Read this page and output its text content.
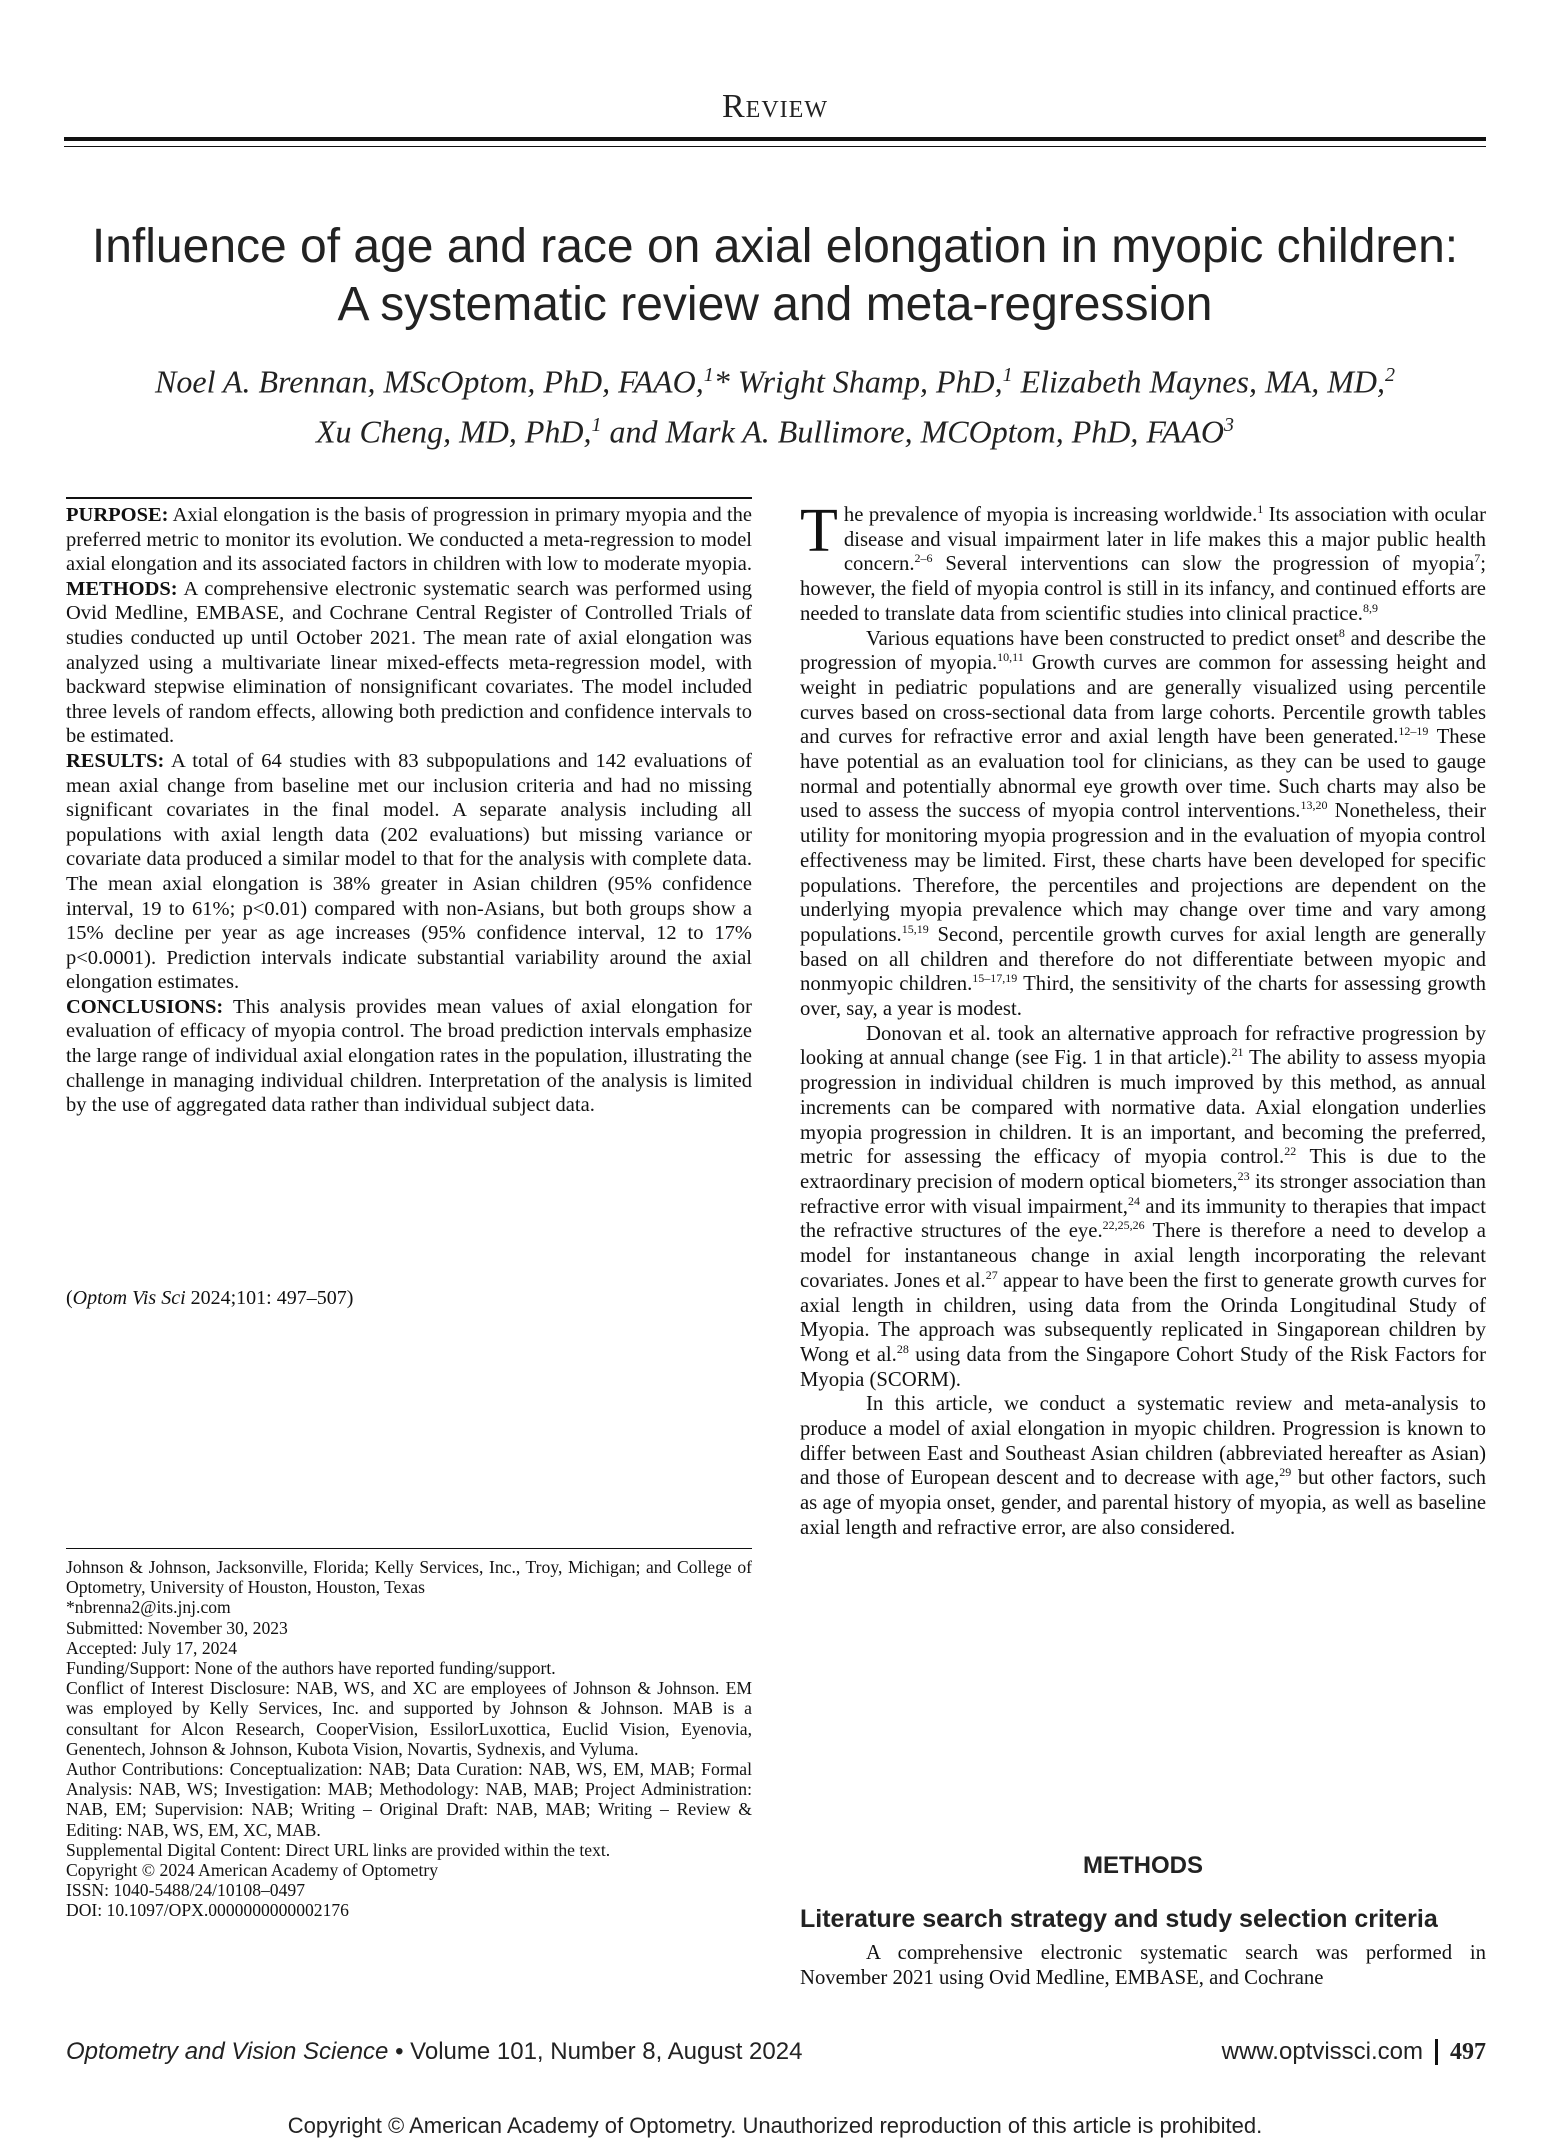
Review
Influence of age and race on axial elongation in myopic children:
A systematic review and meta-regression
Noel A. Brennan, MScOptom, PhD, FAAO,$^1$* Wright Shamp, PhD,$^1$ Elizabeth Maynes, MA, MD,$^2$
Xu Cheng, MD, PhD,$^1$ and Mark A. Bullimore, MCOptom, PhD, FAAO$^3$

PURPOSE: Axial elongation is the basis of progression in primary myopia and the preferred metric to monitor its evolution. We conducted a meta-regression to model axial elongation and its associated factors in children with low to moderate myopia.

METHODS: A comprehensive electronic systematic search was performed using Ovid Medline, EMBASE, and Cochrane Central Register of Controlled Trials of studies conducted up until October 2021. The mean rate of axial elongation was analyzed using a multivariate linear mixed-effects meta-regression model, with backward stepwise elimination of nonsignificant covariates. The model included three levels of random effects, allowing both prediction and confidence intervals to be estimated.

RESULTS: A total of 64 studies with 83 subpopulations and 142 evaluations of mean axial change from baseline met our inclusion criteria and had no missing significant covariates in the final model. A separate analysis including all populations with axial length data (202 evaluations) but missing variance or covariate data produced a similar model to that for the analysis with complete data. The mean axial elongation is 38% greater in Asian children (95% confidence interval, 19 to 61%; p<0.01) compared with non-Asians, but both groups show a 15% decline per year as age increases (95% confidence interval, 12 to 17% p<0.0001). Prediction intervals indicate substantial variability around the axial elongation estimates.

CONCLUSIONS: This analysis provides mean values of axial elongation for evaluation of efficacy of myopia control. The broad prediction intervals emphasize the large range of individual axial elongation rates in the population, illustrating the challenge in managing individual children. Interpretation of the analysis is limited by the use of aggregated data rather than individual subject data.

(Optom Vis Sci 2024;101: 497–507)

Johnson & Johnson, Jacksonville, Florida; Kelly Services, Inc., Troy, Michigan; and College of Optometry, University of Houston, Houston, Texas

*nbrenna2@its.jnj.com

Submitted: November 30, 2023

Accepted: July 17, 2024

Funding/Support: None of the authors have reported funding/support.

Conflict of Interest Disclosure: NAB, WS, and XC are employees of Johnson & Johnson. EM was employed by Kelly Services, Inc. and supported by Johnson & Johnson. MAB is a consultant for Alcon Research, CooperVision, EssilorLuxottica, Euclid Vision, Eyenovia, Genentech, Johnson & Johnson, Kubota Vision, Novartis, Sydnexis, and Vyluma.

Author Contributions: Conceptualization: NAB; Data Curation: NAB, WS, EM, MAB; Formal Analysis: NAB, WS; Investigation: MAB; Methodology: NAB, MAB; Project Administration: NAB, EM; Supervision: NAB; Writing – Original Draft: NAB, MAB; Writing – Review & Editing: NAB, WS, EM, XC, MAB.

Supplemental Digital Content: Direct URL links are provided within the text.

Copyright © 2024 American Academy of Optometry

ISSN: 1040-5488/24/10108–0497

DOI: 10.1097/OPX.0000000000002176

The prevalence of myopia is increasing worldwide.$^1$ Its association with ocular disease and visual impairment later in life makes this a major public health concern.$^{2-6}$ Several interventions can slow the progression of myopia$^7$; however, the field of myopia control is still in its infancy, and continued efforts are needed to translate data from scientific studies into clinical practice.$^{8,9}$

Various equations have been constructed to predict onset$^8$ and describe the progression of myopia.$^{10,11}$ Growth curves are common for assessing height and weight in pediatric populations and are generally visualized using percentile curves based on cross-sectional data from large cohorts. Percentile growth tables and curves for refractive error and axial length have been generated.$^{12-19}$ These have potential as an evaluation tool for clinicians, as they can be used to gauge normal and potentially abnormal eye growth over time. Such charts may also be used to assess the success of myopia control interventions.$^{13,20}$ Nonetheless, their utility for monitoring myopia progression and in the evaluation of myopia control effectiveness may be limited. First, these charts have been developed for specific populations. Therefore, the percentiles and projections are dependent on the underlying myopia prevalence which may change over time and vary among populations.$^{15,19}$ Second, percentile growth curves for axial length are generally based on all children and therefore do not differentiate between myopic and nonmyopic children.$^{15-17,19}$ Third, the sensitivity of the charts for assessing growth over, say, a year is modest.

Donovan et al. took an alternative approach for refractive progression by looking at annual change (see Fig. 1 in that article).$^{21}$ The ability to assess myopia progression in individual children is much improved by this method, as annual increments can be compared with normative data. Axial elongation underlies myopia progression in children. It is an important, and becoming the preferred, metric for assessing the efficacy of myopia control.$^{22}$ This is due to the extraordinary precision of modern optical biometers,$^{23}$ its stronger association than refractive error with visual impairment,$^{24}$ and its immunity to therapies that impact the refractive structures of the eye.$^{22,25,26}$ There is therefore a need to develop a model for instantaneous change in axial length incorporating the relevant covariates. Jones et al.$^{27}$ appear to have been the first to generate growth curves for axial length in children, using data from the Orinda Longitudinal Study of Myopia. The approach was subsequently replicated in Singaporean children by Wong et al.$^{28}$ using data from the Singapore Cohort Study of the Risk Factors for Myopia (SCORM).

In this article, we conduct a systematic review and meta-analysis to produce a model of axial elongation in myopic children. Progression is known to differ between East and Southeast Asian children (abbreviated hereafter as Asian) and those of European descent and to decrease with age,$^{29}$ but other factors, such as age of myopia onset, gender, and parental history of myopia, as well as baseline axial length and refractive error, are also considered.

METHODS
Literature search strategy and study selection criteria
A comprehensive electronic systematic search was performed in November 2021 using Ovid Medline, EMBASE, and Cochrane
Optometry and Vision Science • Volume 101, Number 8, August 2024	www.optvissci.com 497
Copyright © American Academy of Optometry. Unauthorized reproduction of this article is prohibited.
